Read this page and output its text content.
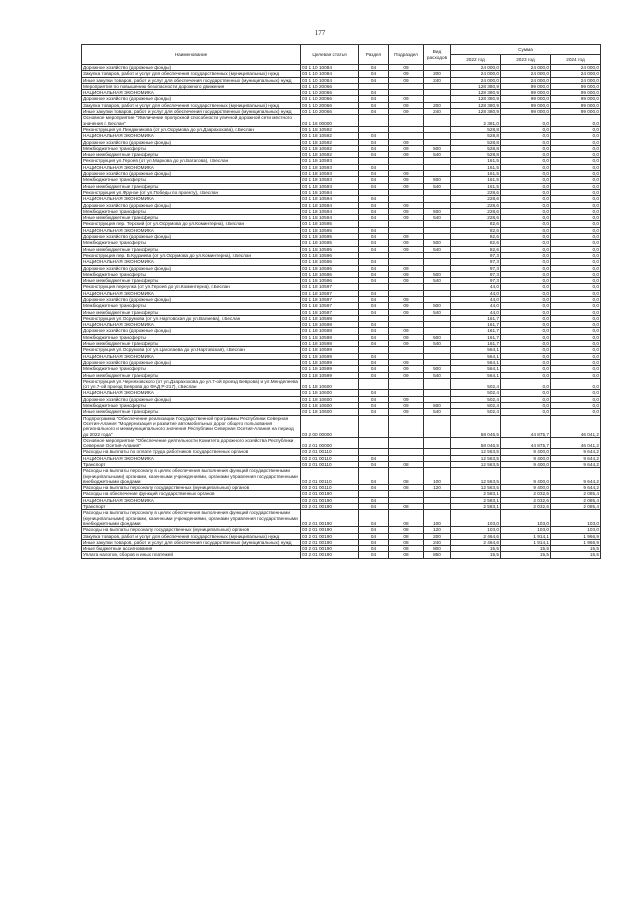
177
Наименование	Целевая статья	Раздел	Подраздел	Вид расходов	Сумма		
					2022 год	2023 год	2024 год
Дорожное хозяйство (дорожные фонды)	03 1 10 10084	04	09		24 000,0	24 000,0	24 000,0
Закупка товаров, работ и услуг для обеспечения государственных (муниципальных) нужд	03 1 10 10084	04	09	200	24 000,0	24 000,0	24 000,0
Иные закупки товаров, работ и услуг для обеспечения государственных (муниципальных) нужд	03 1 10 10084	04	09	240	24 000,0	24 000,0	24 000,0
Мероприятия по повышению безопасности дорожного движения	03 1 10 20066				128 380,9	99 000,0	99 000,0
НАЦИОНАЛЬНАЯ ЭКОНОМИКА	03 1 10 20066	04			128 380,9	99 000,0	99 000,0
Дорожное хозяйство (дорожные фонды)	03 1 10 20066	04	09		128 380,9	99 000,0	99 000,0
Закупка товаров, работ и услуг для обеспечения государственных (муниципальных) нужд	03 1 10 20066	04	09	200	128 380,9	99 000,0	99 000,0
Иные закупки товаров, работ и услуг для обеспечения государственных (муниципальных) нужд	03 1 10 20066	04	09	240	128 380,9	99 000,0	99 000,0
Основное мероприятие "Увеличение пропускной способности уличной дорожной сети местного значения г. Беслан"	03 1 18 00000				2 381,0	0,0	0,0
Реконструкция ул.Пинджникова (от ул.Осрумова до ул.Дзарахохова), г.Беслан	03 1 18 10592				528,8	0,0	0,0
НАЦИОНАЛЬНАЯ ЭКОНОМИКА	03 1 18 10592	04			528,8	0,0	0,0
Дорожное хозяйство (дорожные фонды)	03 1 18 10592	04	09		528,8	0,0	0,0
Межбюджетные трансферты	03 1 18 10592	04	09	500	528,8	0,0	0,0
Иные межбюджетные трансферты	03 1 18 10592	04	09	540	528,8	0,0	0,0
Реконструкция ул.Героев (от ул.Маркова до ул.Батагова), г.Беслан	03 1 18 10593				161,5	0,0	0,0
НАЦИОНАЛЬНАЯ ЭКОНОМИКА	03 1 18 10593	04			161,5	0,0	0,0
Дорожное хозяйство (дорожные фонды)	03 1 18 10593	04	09		161,5	0,0	0,0
Межбюджетные трансферты	03 1 18 10593	04	09	500	161,5	0,0	0,0
Иные межбюджетные трансферты	03 1 18 10593	04	09	540	161,5	0,0	0,0
Реконструкция ул.Фрунзе (от ул.Победы по проекту), г.Беслан	03 1 18 10594				228,6	0,0	0,0
НАЦИОНАЛЬНАЯ ЭКОНОМИКА	03 1 18 10594	04			228,6	0,0	0,0
Дорожное хозяйство (дорожные фонды)	03 1 18 10594	04	09		228,6	0,0	0,0
Межбюджетные трансферты	03 1 18 10594	04	09	500	228,6	0,0	0,0
Иные межбюджетные трансферты	03 1 18 10594	04	09	540	228,6	0,0	0,0
Реконструкция пер. Терский (от ул.Осрумова до ул.Коминтерна), г.Беслан	03 1 18 10595				82,6	0,0	0,0
НАЦИОНАЛЬНАЯ ЭКОНОМИКА	03 1 18 10595	04			82,6	0,0	0,0
Дорожное хозяйство (дорожные фонды)	03 1 18 10595	04	09		82,6	0,0	0,0
Межбюджетные трансферты	03 1 18 10595	04	09	500	82,6	0,0	0,0
Иные межбюджетные трансферты	03 1 18 10595	04	09	540	82,6	0,0	0,0
Реконструкция пер. Б.Кудзиева (от ул.Осрумова до ул.Коминтерна), г.Беслан	03 1 18 10596				97,3	0,0	0,0
НАЦИОНАЛЬНАЯ ЭКОНОМИКА	03 1 18 10596	04			97,3	0,0	0,0
Дорожное хозяйство (дорожные фонды)	03 1 18 10596	04	09		97,3	0,0	0,0
Межбюджетные трансферты	03 1 18 10596	04	09	500	97,3	0,0	0,0
Иные межбюджетные трансферты	03 1 18 10596	04	09	540	97,3	0,0	0,0
Реконструкция переулка (от ул.Героев до ул.Коминтерна), г.Беслан	03 1 18 10597				44,0	0,0	0,0
НАЦИОНАЛЬНАЯ ЭКОНОМИКА	03 1 18 10597	04			44,0	0,0	0,0
Дорожное хозяйство (дорожные фонды)	03 1 18 10597	04	09		44,0	0,0	0,0
Межбюджетные трансферты	03 1 18 10597	04	09	500	44,0	0,0	0,0
Иные межбюджетные трансферты	03 1 18 10597	04	09	540	44,0	0,0	0,0
Реконструкция ул.Осрумова (от ул.Нартовская до ул.Валиева), г.Беслан	03 1 18 10598				161,7	0,0	0,0
НАЦИОНАЛЬНАЯ ЭКОНОМИКА	03 1 18 10598	04			161,7	0,0	0,0
Дорожное хозяйство (дорожные фонды)	03 1 18 10598	04	09		161,7	0,0	0,0
Межбюджетные трансферты	03 1 18 10598	04	09	500	161,7	0,0	0,0
Иные межбюджетные трансферты	03 1 18 10598	04	09	540	161,7	0,0	0,0
Реконструкция ул.Осрумова (от ул.Цаголаева до ул.Нартовская), г.Беслан	03 1 18 10599				564,1	0,0	0,0
НАЦИОНАЛЬНАЯ ЭКОНОМИКА	03 1 18 10599	04			564,1	0,0	0,0
Дорожное хозяйство (дорожные фонды)	03 1 18 10599	04	09		564,1	0,0	0,0
Межбюджетные трансферты	03 1 18 10599	04	09	500	564,1	0,0	0,0
Иные межбюджетные трансферты	03 1 18 10599	04	09	540	564,1	0,0	0,0
Реконструкция ул.Черняховского (от ул.Дзарахохова до ул.7-ой проезд Беврова) и ул.Менделеева (от ул.7-ой проезд Беврова до ФАД Р-217), г.Беслан	03 1 18 10600				502,4	0,0	0,0
НАЦИОНАЛЬНАЯ ЭКОНОМИКА	03 1 18 10600	04			502,4	0,0	0,0
Дорожное хозяйство (дорожные фонды)	03 1 18 10600	04	09		502,4	0,0	0,0
Межбюджетные трансферты	03 1 18 10600	04	09	500	502,4	0,0	0,0
Иные межбюджетные трансферты	03 1 18 10600	04	09	540	502,4	0,0	0,0
Подпрограмма "Обеспечение реализации Государственной программы Республики Северная Осетия-Алания "Модернизация и развитие автомобильных дорог общего пользования регионального и межмуниципального значения Республики Северная Осетия-Алания на период до 2022 года"	03 2 00 00000				58 046,5	44 875,7	46 041,2
Основное мероприятие "Обеспечение деятельности Комитета дорожного хозяйства Республики Северная Осетия-Алания"	03 2 01 00000				58 046,5	44 875,7	46 041,2
Расходы на выплаты по оплате труда работников государственных органов	03 2 01 00110				12 563,5	9 400,0	9 644,2
НАЦИОНАЛЬНАЯ ЭКОНОМИКА	03 2 01 00110	04			12 563,5	9 400,0	9 644,2
Транспорт	03 2 01 00110	04	08		12 563,5	9 400,0	9 644,2
Расходы на выплаты персоналу в целях обеспечения выполнения функций государственными (муниципальными) органами, казенными учреждениями, органами управления государственными внебюджетными фондами	03 2 01 00110	04	08	100	12 563,5	9 400,0	9 644,2
Расходы на выплаты персоналу государственных (муниципальных) органов	03 2 01 00110	04	08	120	12 563,5	9 400,0	9 644,2
Расходы на обеспечение функций государственных органов	03 2 01 00190				2 583,1	2 032,6	2 085,4
НАЦИОНАЛЬНАЯ ЭКОНОМИКА	03 2 01 00190	04			2 583,1	2 032,6	2 085,4
Транспорт	03 2 01 00190	04	08		2 583,1	2 032,6	2 085,4
Расходы на выплаты персоналу в целях обеспечения выполнения функций государственными (муниципальными) органами, казенными учреждениями, органами управления государственными внебюджетными фондами	03 2 01 00190	04	08	100	103,0	103,0	103,0
Расходы на выплаты персоналу государственных (муниципальных) органов	03 2 01 00190	04	08	120	103,0	103,0	103,0
Закупка товаров, работ и услуг для обеспечения государственных (муниципальных) нужд	03 2 01 00190	04	08	200	2 464,6	1 914,1	1 966,9
Иные закупки товаров, работ и услуг для обеспечения государственных (муниципальных) нужд	03 2 01 00190	04	08	240	2 464,6	1 914,1	1 966,9
Иные бюджетные ассигнования	03 2 01 00190	04	08	800	15,5	15,5	15,5
Уплата налогов, сборов и иных платежей	03 2 01 00190	04	08	850	15,5	15,5	15,5
